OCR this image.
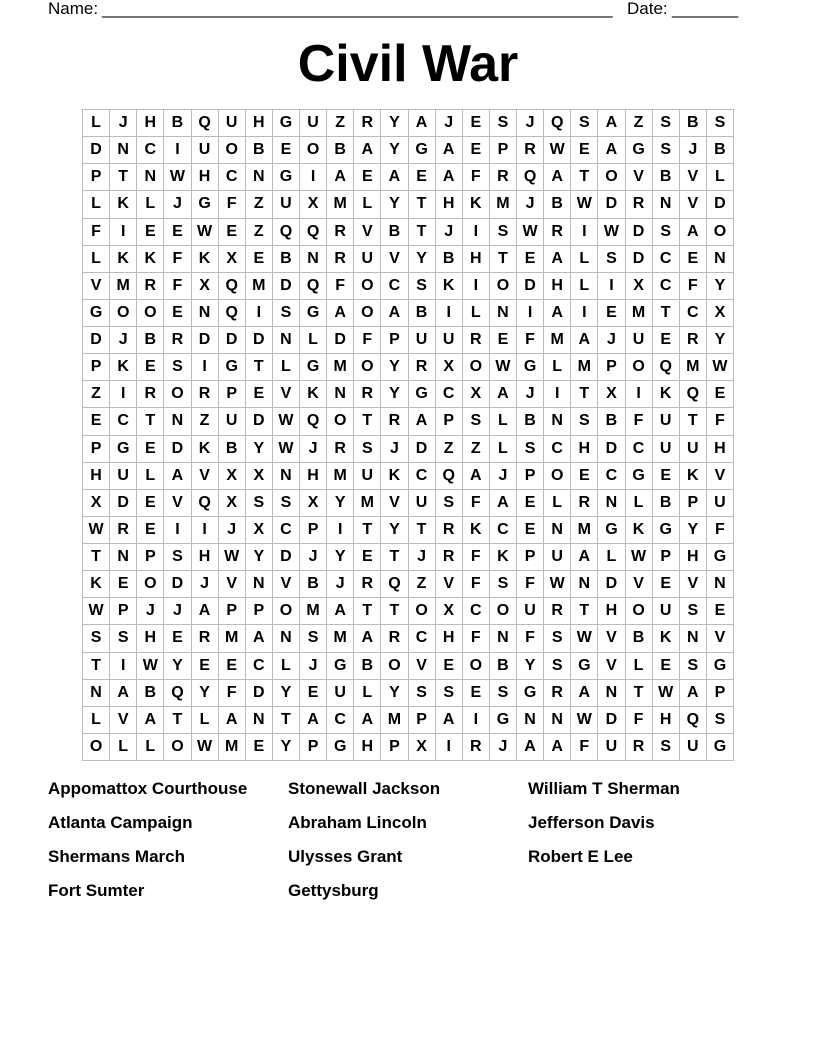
Name: ______________________________________________________ Date: _______
Civil War
L	J	H B Q U H G U	Z	R	Y	A	J	E	S	J	Q S	A	Z	S	B	S
D N C	I	U O B	E O B A	Y G A	E	P	R W E	A G S	J	B
P	T	N W H C N G	I	A	E	A	E	A	F	R Q A	T	O V	B	V	L
L	K	L	J	G	F	Z	U	X M L	Y	T	H K M	J	B W D R N	V	D
F	I	E	E W E	Z	Q Q R	V	B	T	J	I	S W R	I	W D	S	A O
L	K K	F	K	X	E	B N R U	V	Y	B H	T	E	A	L	S	D C	E	N
V M R	F	X Q M D Q	F	O C	S	K	I	O D H	L	I	X	C	F	Y
G O O E	N Q	I	S G A O A B	I	L	N	I	A	I	E M T	C	X
D	J	B R D D D N	L	D	F	P	U U R	E	F M A	J	U	E	R	Y
P	K	E	S	I	G	T	L	G M O Y	R	X O W G	L M P O Q M W
Z	I	R O R	P	E	V	K N R	Y G C	X	A	J	I	T	X	I	K Q E
E	C	T	N	Z	U D W Q O	T	R A	P	S	L	B N	S	B	F	U	T	F
P G E	D K B	Y W J	R	S	J	D	Z	Z	L	S	C H D C U U H
H U	L	A	V	X	X	N H M U K C Q A	J	P O E	C G E	K	V
X	D	E	V Q X	S	S	X	Y M V	U	S	F	A	E	L	R N	L	B	P	U
W R	E	I	I	J	X	C	P	I	T	Y	T	R K C	E	N M G K G Y	F
T	N	P	S	H W Y	D	J	Y	E	T	J	R	F	K	P	U A	L W P	H G
K	E O D	J	V	N	V	B	J	R Q	Z	V	F	S	F W N D	V	E	V	N
W P	J	J	A	P	P O M A	T	T	O X	C O U R	T	H O U	S	E
S	S	H	E	R M A N	S M A R C H	F	N	F	S W V	B K N	V
T	I	W Y	E	E	C	L	J	G B O V	E O B	Y	S G V	L	E	S G
N A B Q Y	F	D	Y	E	U	L	Y	S	S	E	S G R A N	T W A	P
L	V	A	T	L	A N	T	A C A M P	A	I	G N N W D	F	H Q S
O	L	L	O W M E	Y	P G H	P	X	I	R	J	A A	F	U R	S	U G
Appomattox Courthouse	Stonewall Jackson	William T Sherman
Atlanta Campaign	Abraham Lincoln	Jefferson Davis
Shermans March	Ulysses Grant	Robert E Lee
Fort Sumter	Gettysburg
